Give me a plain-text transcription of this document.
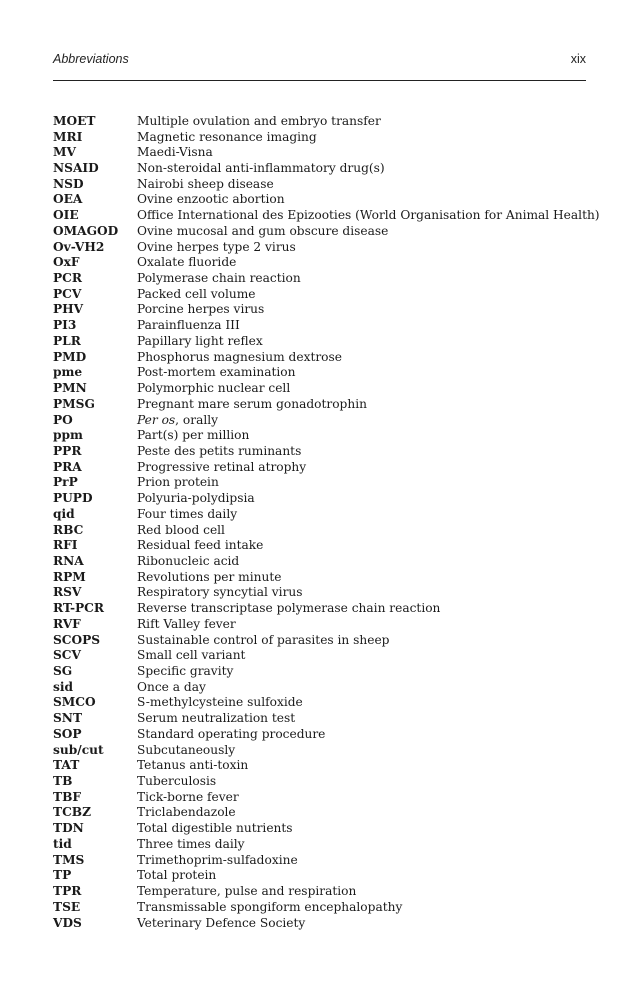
Abbreviations	xix
MOET	Multiple ovulation and embryo transfer
MRI	Magnetic resonance imaging
MV	Maedi-Visna
NSAID	Non-steroidal anti-inflammatory drug(s)
NSD	Nairobi sheep disease
OEA	Ovine enzootic abortion
OIE	Office International des Epizooties (World Organisation for Animal Health)
OMAGOD	Ovine mucosal and gum obscure disease
Ov-VH2	Ovine herpes type 2 virus
OxF	Oxalate fluoride
PCR	Polymerase chain reaction
PCV	Packed cell volume
PHV	Porcine herpes virus
PI3	Parainfluenza III
PLR	Papillary light reflex
PMD	Phosphorus magnesium dextrose
pme	Post-mortem examination
PMN	Polymorphic nuclear cell
PMSG	Pregnant mare serum gonadotrophin
PO	Per os, orally
ppm	Part(s) per million
PPR	Peste des petits ruminants
PRA	Progressive retinal atrophy
PrP	Prion protein
PUPD	Polyuria-polydipsia
qid	Four times daily
RBC	Red blood cell
RFI	Residual feed intake
RNA	Ribonucleic acid
RPM	Revolutions per minute
RSV	Respiratory syncytial virus
RT-PCR	Reverse transcriptase polymerase chain reaction
RVF	Rift Valley fever
SCOPS	Sustainable control of parasites in sheep
SCV	Small cell variant
SG	Specific gravity
sid	Once a day
SMCO	S-methylcysteine sulfoxide
SNT	Serum neutralization test
SOP	Standard operating procedure
sub/cut	Subcutaneously
TAT	Tetanus anti-toxin
TB	Tuberculosis
TBF	Tick-borne fever
TCBZ	Triclabendazole
TDN	Total digestible nutrients
tid	Three times daily
TMS	Trimethoprim-sulfadoxine
TP	Total protein
TPR	Temperature, pulse and respiration
TSE	Transmissable spongiform encephalopathy
VDS	Veterinary Defence Society
